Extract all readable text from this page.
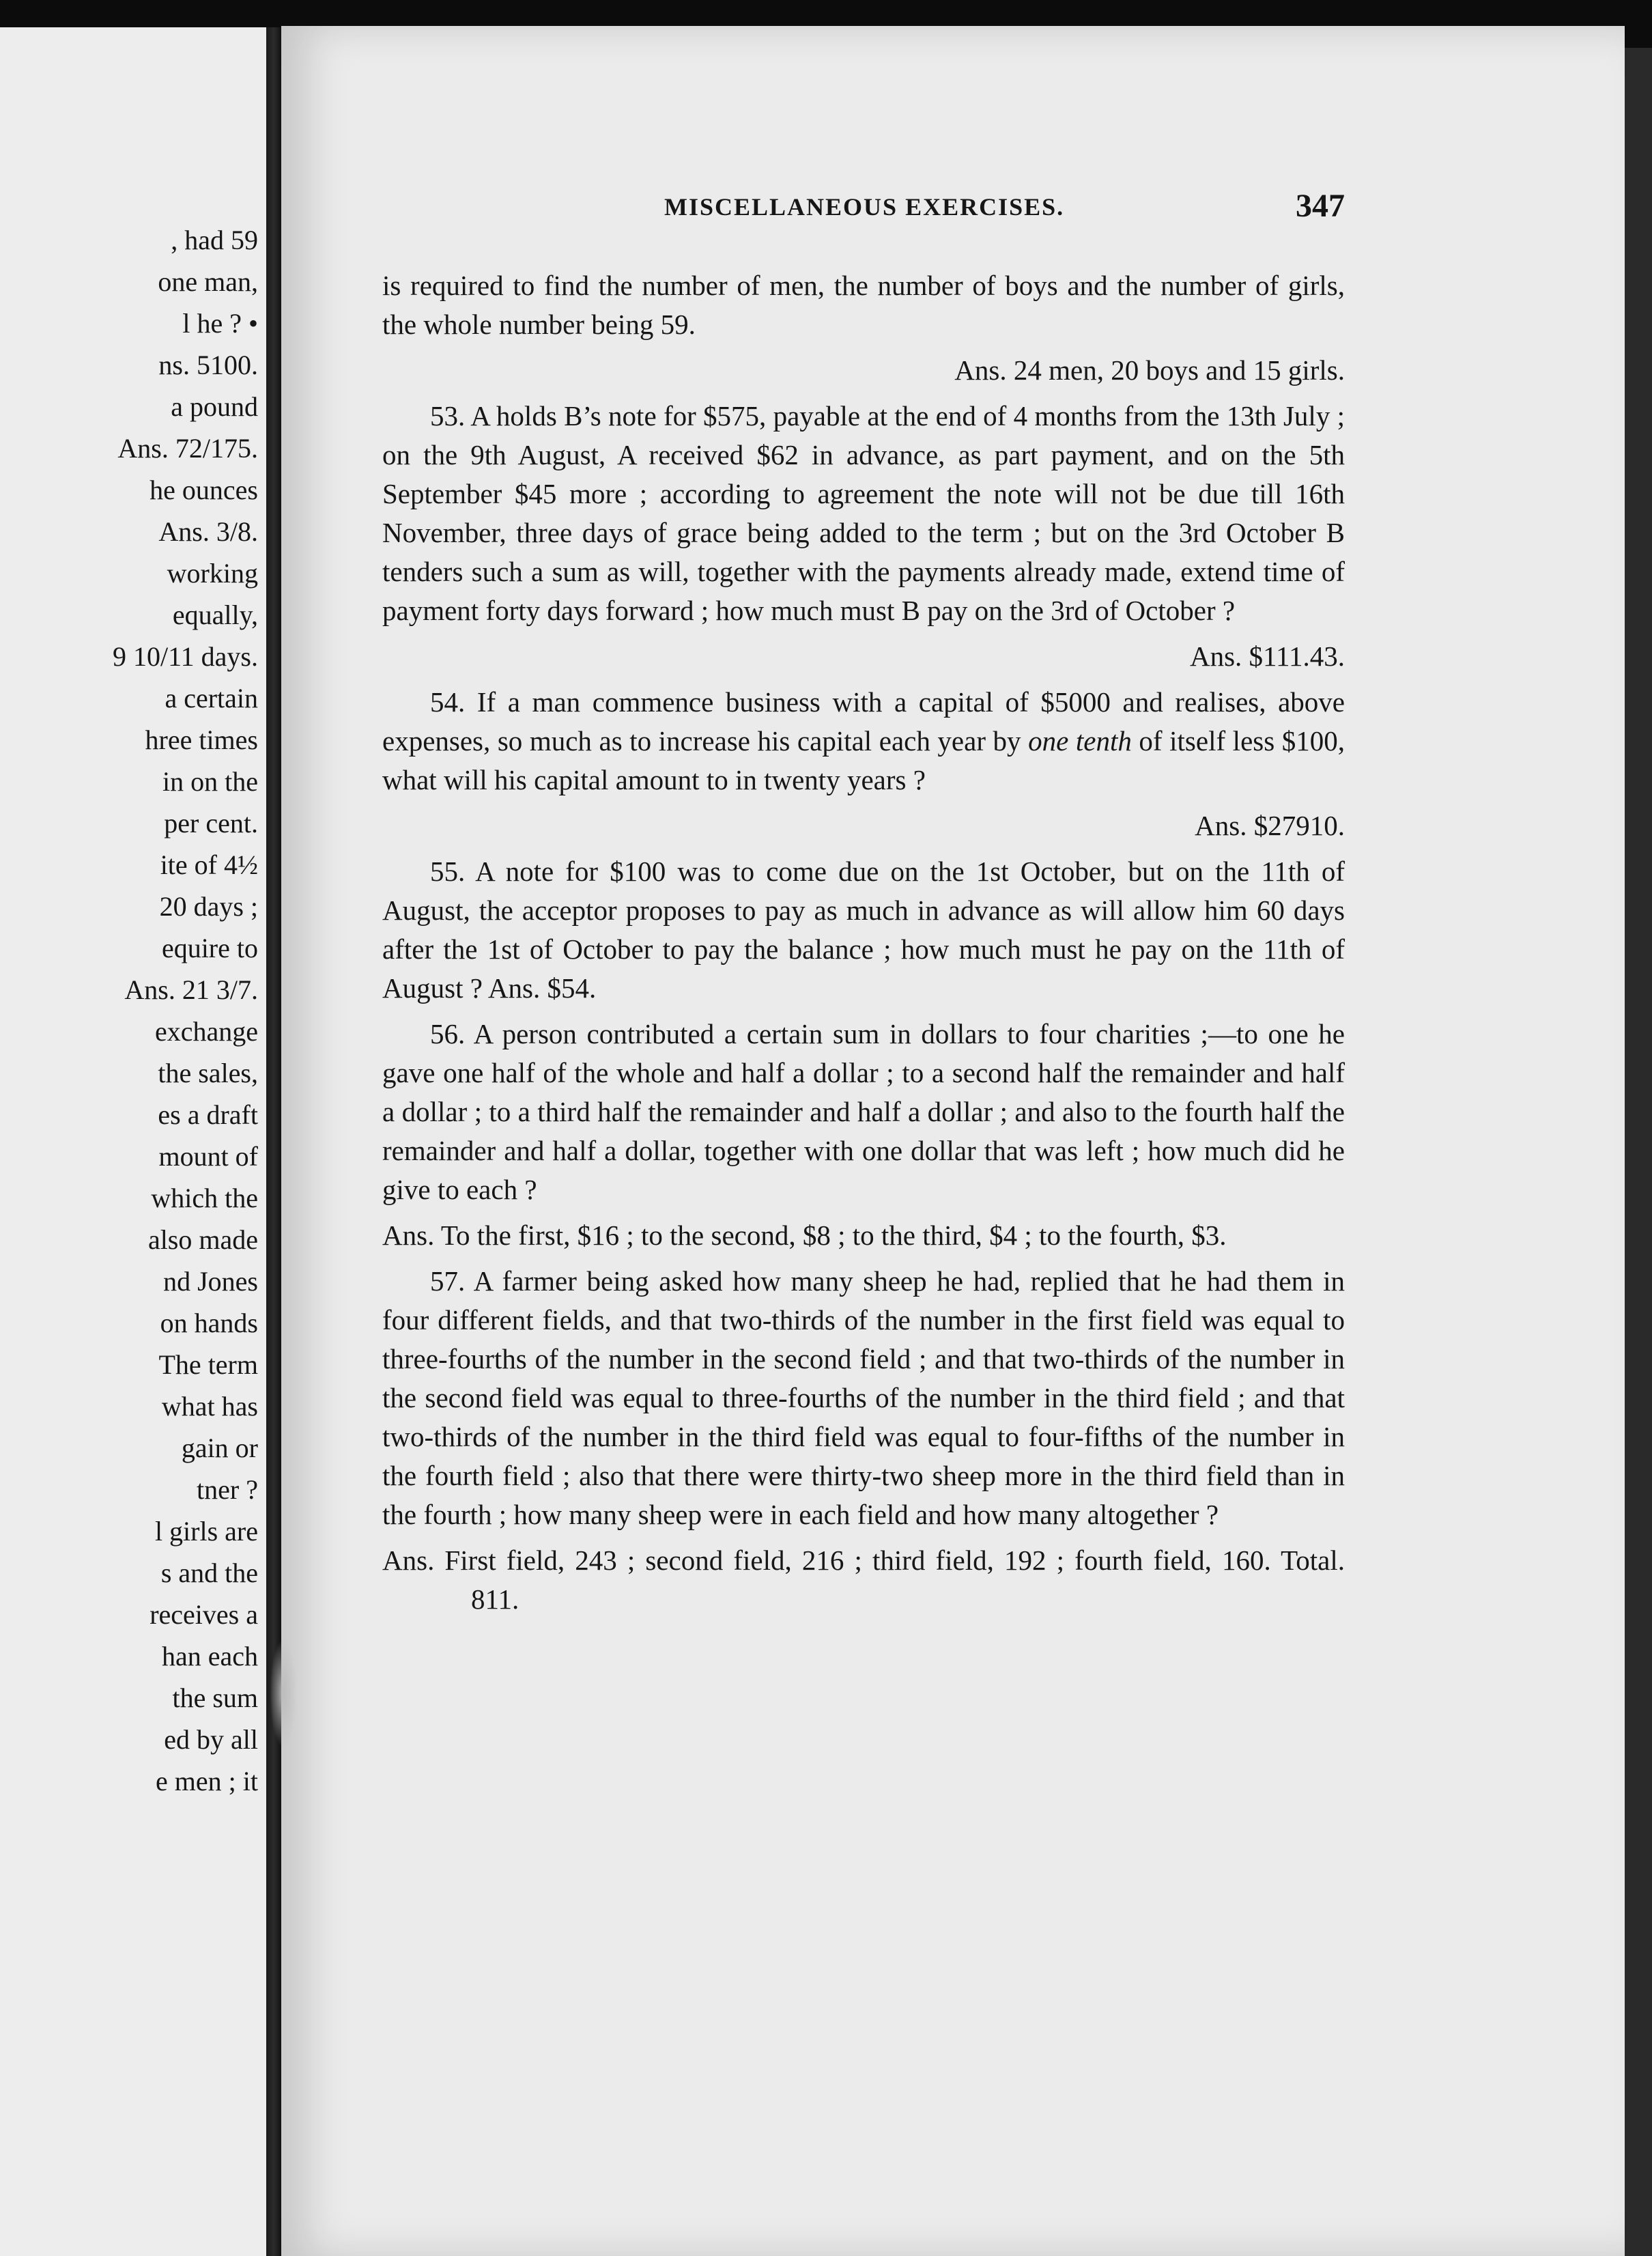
, had 59
one man,
l he ? •
ns. 5100.
a pound
Ans. 72/175.
he ounces
Ans. 3/8.
working
equally,
9 10/11 days.
a certain
hree times
in on the
per cent.
ite of 4½
20 days ;
equire to
Ans. 21 3/7.
exchange
the sales,
es a draft
mount of
which the
also made
nd Jones
on hands
The term
what has
gain or
tner ?
l girls are
s and the
receives a
han each
the sum
ed by all
e men ; it
MISCELLANEOUS EXERCISES.	347

is required to find the number of men, the number of boys and the number of girls, the whole number being 59.

Ans. 24 men, 20 boys and 15 girls.

53. A holds B’s note for $575, payable at the end of 4 months from the 13th July ; on the 9th August, A received $62 in advance, as part payment, and on the 5th September $45 more ; according to agreement the note will not be due till 16th November, three days of grace being added to the term ; but on the 3rd October B tenders such a sum as will, together with the payments already made, extend time of payment forty days forward ; how much must B pay on the 3rd of October ?

Ans. $111.43.

54. If a man commence business with a capital of $5000 and realises, above expenses, so much as to increase his capital each year by one tenth of itself less $100, what will his capital amount to in twenty years ?

Ans. $27910.

55. A note for $100 was to come due on the 1st October, but on the 11th of August, the acceptor proposes to pay as much in advance as will allow him 60 days after the 1st of October to pay the balance ; how much must he pay on the 11th of August ? Ans. $54.

56. A person contributed a certain sum in dollars to four charities ;—to one he gave one half of the whole and half a dollar ; to a second half the remainder and half a dollar ; to a third half the remainder and half a dollar ; and also to the fourth half the remainder and half a dollar, together with one dollar that was left ; how much did he give to each ?

Ans. To the first, $16 ; to the second, $8 ; to the third, $4 ; to the fourth, $3.

57. A farmer being asked how many sheep he had, replied that he had them in four different fields, and that two-thirds of the number in the first field was equal to three-fourths of the number in the second field ; and that two-thirds of the number in the second field was equal to three-fourths of the number in the third field ; and that two-thirds of the number in the third field was equal to four-fifths of the number in the fourth field ; also that there were thirty-two sheep more in the third field than in the fourth ; how many sheep were in each field and how many altogether ?

Ans. First field, 243 ; second field, 216 ; third field, 192 ; fourth field, 160. Total. 811.
